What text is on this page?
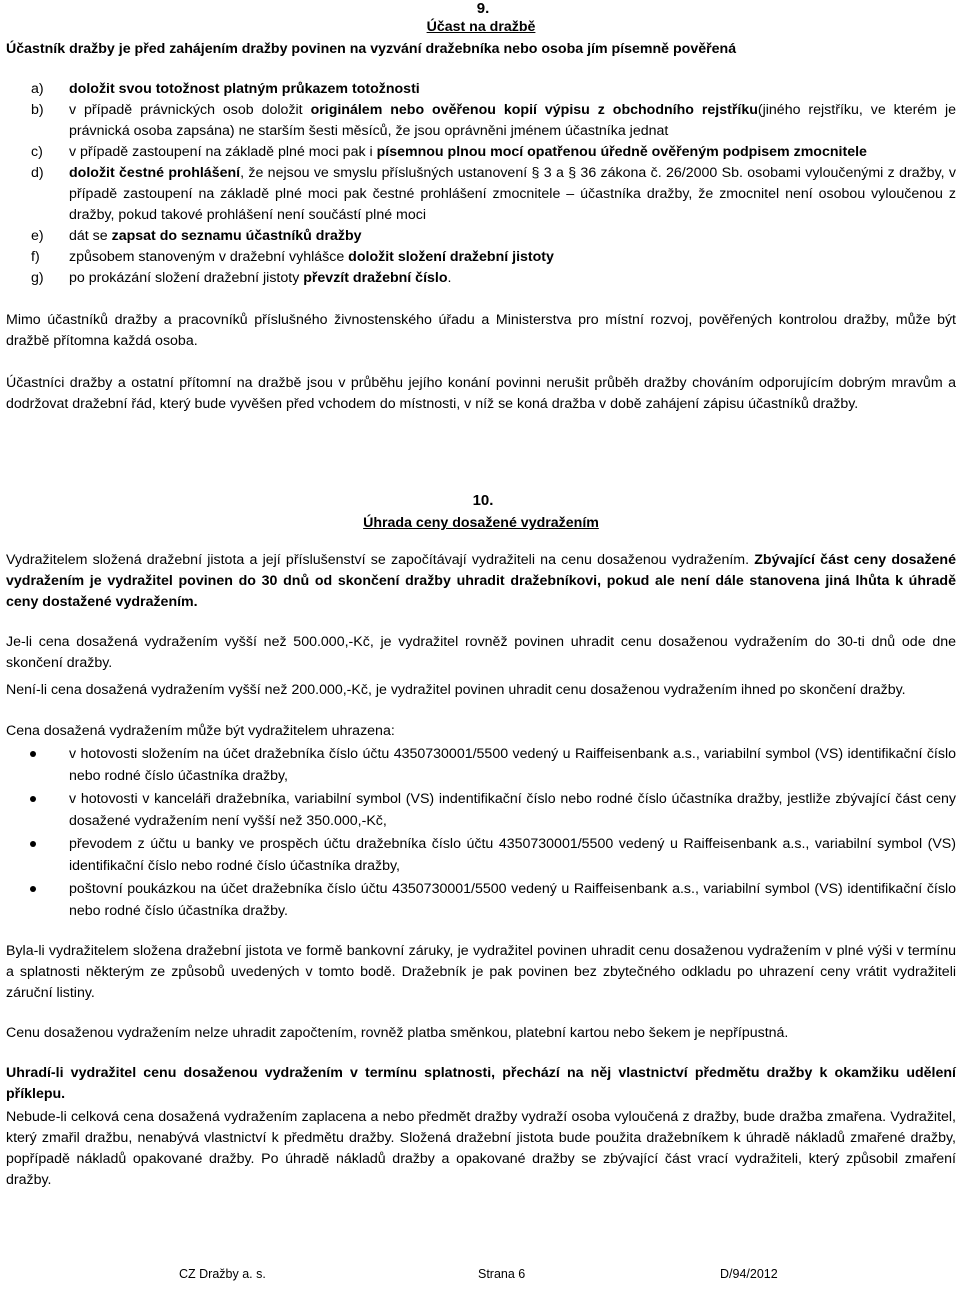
9.
Účast na dražbě

Účastník dražby je před zahájením dražby povinen na vyzvání dražebníka nebo osoba jím písemně pověřená

a) doložit svou totožnost platným průkazem totožnosti
b) v případě právnických osob doložit originálem nebo ověřenou kopií výpisu z obchodního rejstříku(jiného rejstříku, ve kterém je právnická osoba zapsána) ne starším šesti měsíců, že jsou oprávněni jménem účastníka jednat
c) v případě zastoupení na základě plné moci pak i písemnou plnou mocí opatřenou úředně ověřeným podpisem zmocnitele
d) doložit čestné prohlášení, že nejsou ve smyslu příslušných ustanovení § 3 a § 36 zákona č. 26/2000 Sb. osobami vyloučenými z dražby, v případě zastoupení na základě plné moci pak čestné prohlášení zmocnitele – účastníka dražby, že zmocnitel není osobou vyloučenou z dražby, pokud takové prohlášení není součástí plné moci
e) dát se zapsat do seznamu účastníků dražby
f) způsobem stanoveným v dražební vyhlášce doložit složení dražební jistoty
g) po prokázání složení dražební jistoty převzít dražební číslo.

Mimo účastníků dražby a pracovníků příslušného živnostenského úřadu a Ministerstva pro místní rozvoj, pověřených kontrolou dražby, může být dražbě přítomna každá osoba.

Účastníci dražby a ostatní přítomní na dražbě jsou v průběhu jejího konání povinni nerušit průběh dražby chováním odporujícím dobrým mravům a dodržovat dražební řád, který bude vyvěšen před vchodem do místnosti, v níž se koná dražba v době zahájení zápisu účastníků dražby.

10.
Úhrada ceny dosažené vydražením

Vydražitelem složená dražební jistota a její příslušenství se započítávají vydražiteli na cenu dosaženou vydražením. Zbývající část ceny dosažené vydražením je vydražitel povinen do 30 dnů od skončení dražby uhradit dražebníkovi, pokud ale není dále stanovena jiná lhůta k úhradě ceny dostažené vydražením.

Je-li cena dosažená vydražením vyšší než 500.000,-Kč, je vydražitel rovněž povinen uhradit cenu dosaženou vydražením do 30-ti dnů ode dne skončení dražby.

Není-li cena dosažená vydražením vyšší než 200.000,-Kč, je vydražitel povinen uhradit cenu dosaženou vydražením ihned po skončení dražby.

Cena dosažená vydražením může být vydražitelem uhrazena:

v hotovosti složením na účet dražebníka číslo účtu 4350730001/5500 vedený u Raiffeisenbank a.s., variabilní symbol (VS) identifikační číslo nebo rodné číslo účastníka dražby,
v hotovosti v kanceláři dražebníka, variabilní symbol (VS) indentifikační číslo nebo rodné číslo účastníka dražby, jestliže zbývající část ceny dosažené vydražením není vyšší než 350.000,-Kč,
převodem z účtu u banky ve prospěch účtu dražebníka číslo účtu 4350730001/5500 vedený u Raiffeisenbank a.s., variabilní symbol (VS) identifikační číslo nebo rodné číslo účastníka dražby,
poštovní poukázkou na účet dražebníka číslo účtu 4350730001/5500 vedený u Raiffeisenbank a.s., variabilní symbol (VS) identifikační číslo nebo rodné číslo účastníka dražby.

Byla-li vydražitelem složena dražební jistota ve formě bankovní záruky, je vydražitel povinen uhradit cenu dosaženou vydražením v plné výši v termínu a splatnosti některým ze způsobů uvedených v tomto bodě. Dražebník je pak povinen bez zbytečného odkladu po uhrazení ceny vrátit vydražiteli záruční listiny.

Cenu dosaženou vydražením nelze uhradit započtením, rovněž platba směnkou, platební kartou nebo šekem je nepřípustná.

Uhradí-li vydražitel cenu dosaženou vydražením v termínu splatnosti, přechází na něj vlastnictví předmětu dražby k okamžiku udělení příklepu.

Nebude-li celková cena dosažená vydražením zaplacena a nebo předmět dražby vydraží osoba vyloučená z dražby, bude dražba zmařena. Vydražitel, který zmařil dražbu, nenabývá vlastnictví k předmětu dražby. Složená dražební jistota bude použita dražebníkem k úhradě nákladů zmařené dražby, popřípadě nákladů opakované dražby. Po úhradě nákladů dražby a opakované dražby se zbývající část vrací vydražiteli, který způsobil zmaření dražby.

CZ Dražby a. s.	Strana 6	D/94/2012
